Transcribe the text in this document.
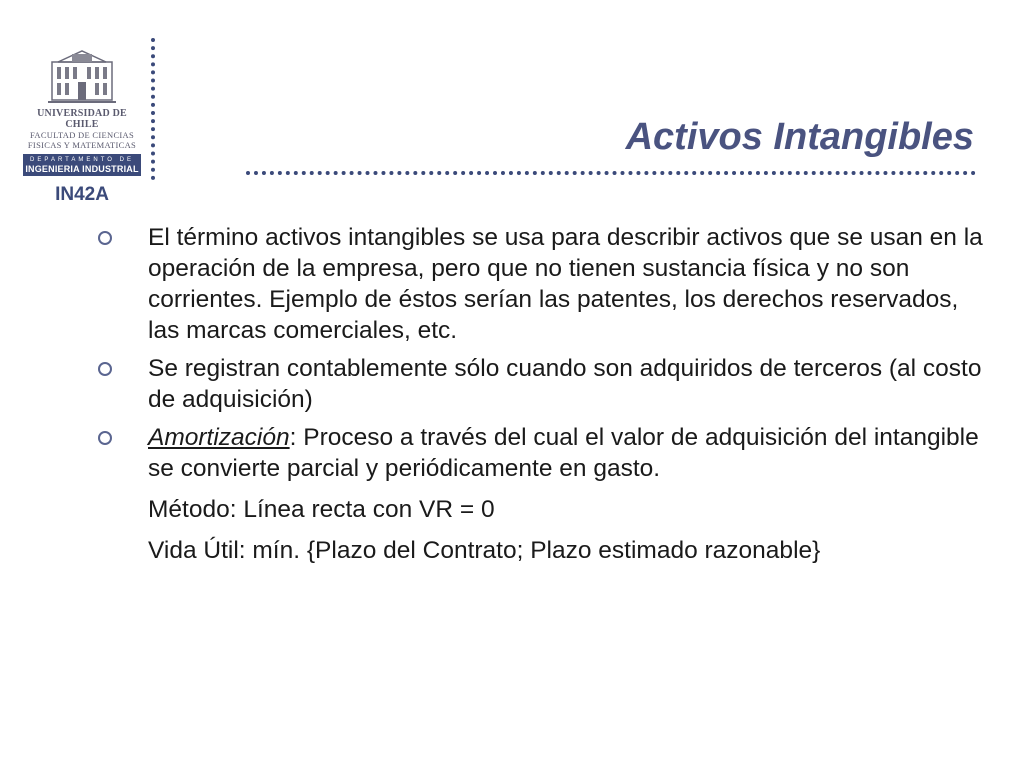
UNIVERSIDAD DE CHILE
FACULTAD DE CIENCIAS
FISICAS Y MATEMATICAS
DEPARTAMENTO DE
INGENIERIA INDUSTRIAL
IN42A
Activos Intangibles
El término activos intangibles se usa para describir activos que se usan en la operación de la empresa, pero que no tienen sustancia física y no son corrientes. Ejemplo de éstos serían las patentes, los derechos reservados, las marcas comerciales, etc.
Se registran contablemente sólo cuando son adquiridos de terceros (al costo de adquisición)
Amortización: Proceso a través del cual el valor de adquisición del intangible se convierte parcial y periódicamente en gasto.
Método: Línea recta con VR = 0
Vida Útil: mín. {Plazo del Contrato; Plazo estimado razonable}
